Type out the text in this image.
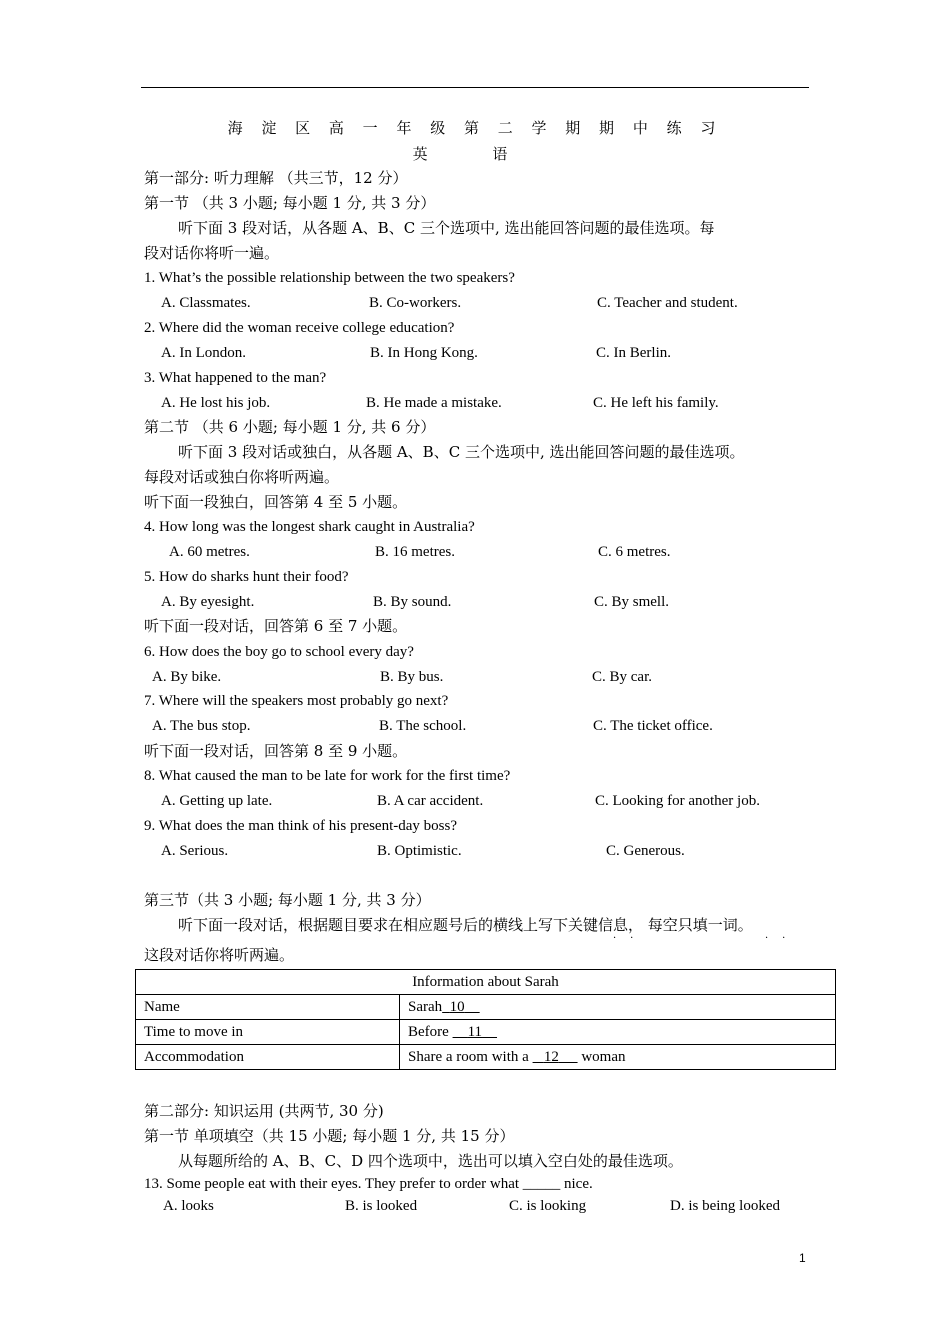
海 淀 区 高 一 年 级 第 二 学 期 期 中 练 习
英 语
第一部分: 听力理解 （共三节，12 分）
第一节 （共 3 小题; 每小题 1 分, 共 3 分）
听下面 3 段对话，从各题 A、B、C 三个选项中, 选出能回答问题的最佳选项。每
段对话你将听一遍。
1. What’s the possible relationship between the two speakers?
A. Classmates.	B. Co-workers.	C. Teacher and student.
2. Where did the woman receive college education?
A. In London.	B. In Hong Kong.	C. In Berlin.
3. What happened to the man?
A. He lost his job.	B. He made a mistake.	C. He left his family.
第二节 （共 6 小题; 每小题 1 分, 共 6 分）
听下面 3 段对话或独白，从各题 A、B、C 三个选项中, 选出能回答问题的最佳选项。
每段对话或独白你将听两遍。
听下面一段独白，回答第 4 至 5 小题。
4. How long was the longest shark caught in Australia?
A. 60 metres.	B. 16 metres.	C. 6 metres.
5. How do sharks hunt their food?
A. By eyesight.	B. By sound.	C. By smell.
听下面一段对话，回答第 6 至 7 小题。
6. How does the boy go to school every day?
A. By bike.	B. By bus.	C. By car.
7. Where will the speakers most probably go next?
A. The bus stop.	B. The school.	C. The ticket office.
听下面一段对话，回答第 8 至 9 小题。
8. What caused the man to be late for work for the first time?
A. Getting up late.	B. A car accident.	C. Looking for another job.
9. What does the man think of his present-day boss?
A. Serious.	B. Optimistic.	C. Generous.
第三节（共 3 小题; 每小题 1 分, 共 3 分）
听下面一段对话，根据题目要求在相应题号后的横线上写下关键信息， 每空只填一词。
··	··
这段对话你将听两遍。
Information about Sarah	
Name	Sarah 10
Time to move in	Before 11
Accommodation	Share a room with a 12 woman
第二部分: 知识运用 (共两节, 30 分)
第一节 单项填空（共 15 小题; 每小题 1 分, 共 15 分）
从每题所给的 A、B、C、D 四个选项中，选出可以填入空白处的最佳选项。
13. Some people eat with their eyes. They prefer to order what _____ nice.
A. looks	B. is looked	C. is looking	D. is being looked
1
